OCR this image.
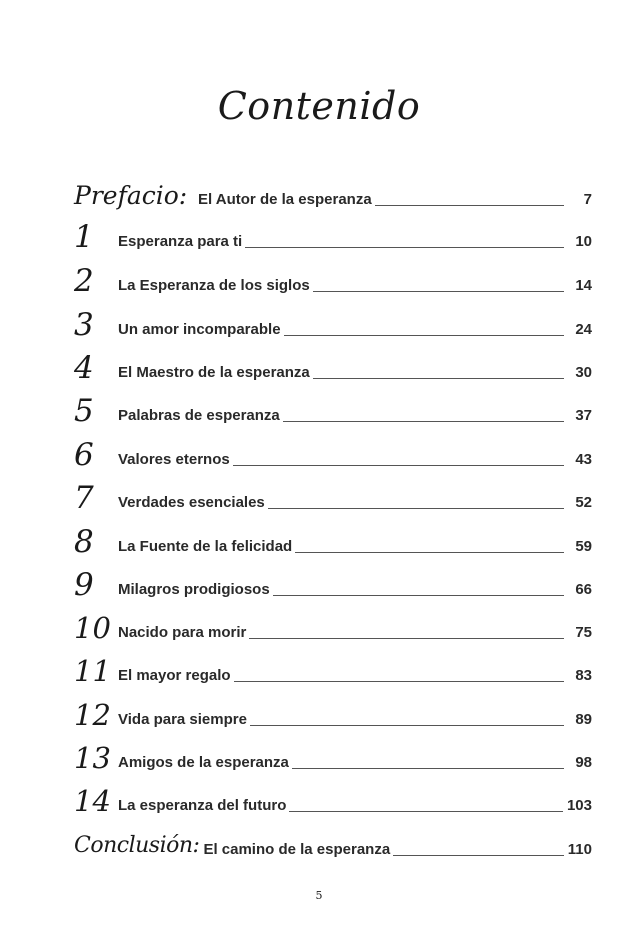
Contenido
Prefacio: El Autor de la esperanza	7
1	Esperanza para ti	10
2	La Esperanza de los siglos	14
3	Un amor incomparable	24
4	El Maestro de la esperanza	30
5	Palabras de esperanza	37
6	Valores eternos	43
7	Verdades esenciales	52
8	La Fuente de la felicidad	59
9	Milagros prodigiosos	66
10 Nacido para morir	75
11 El mayor regalo	83
12 Vida para siempre	89
13 Amigos de la esperanza	98
14 La esperanza del futuro	103
Conclusión: El camino de la esperanza	110
5
